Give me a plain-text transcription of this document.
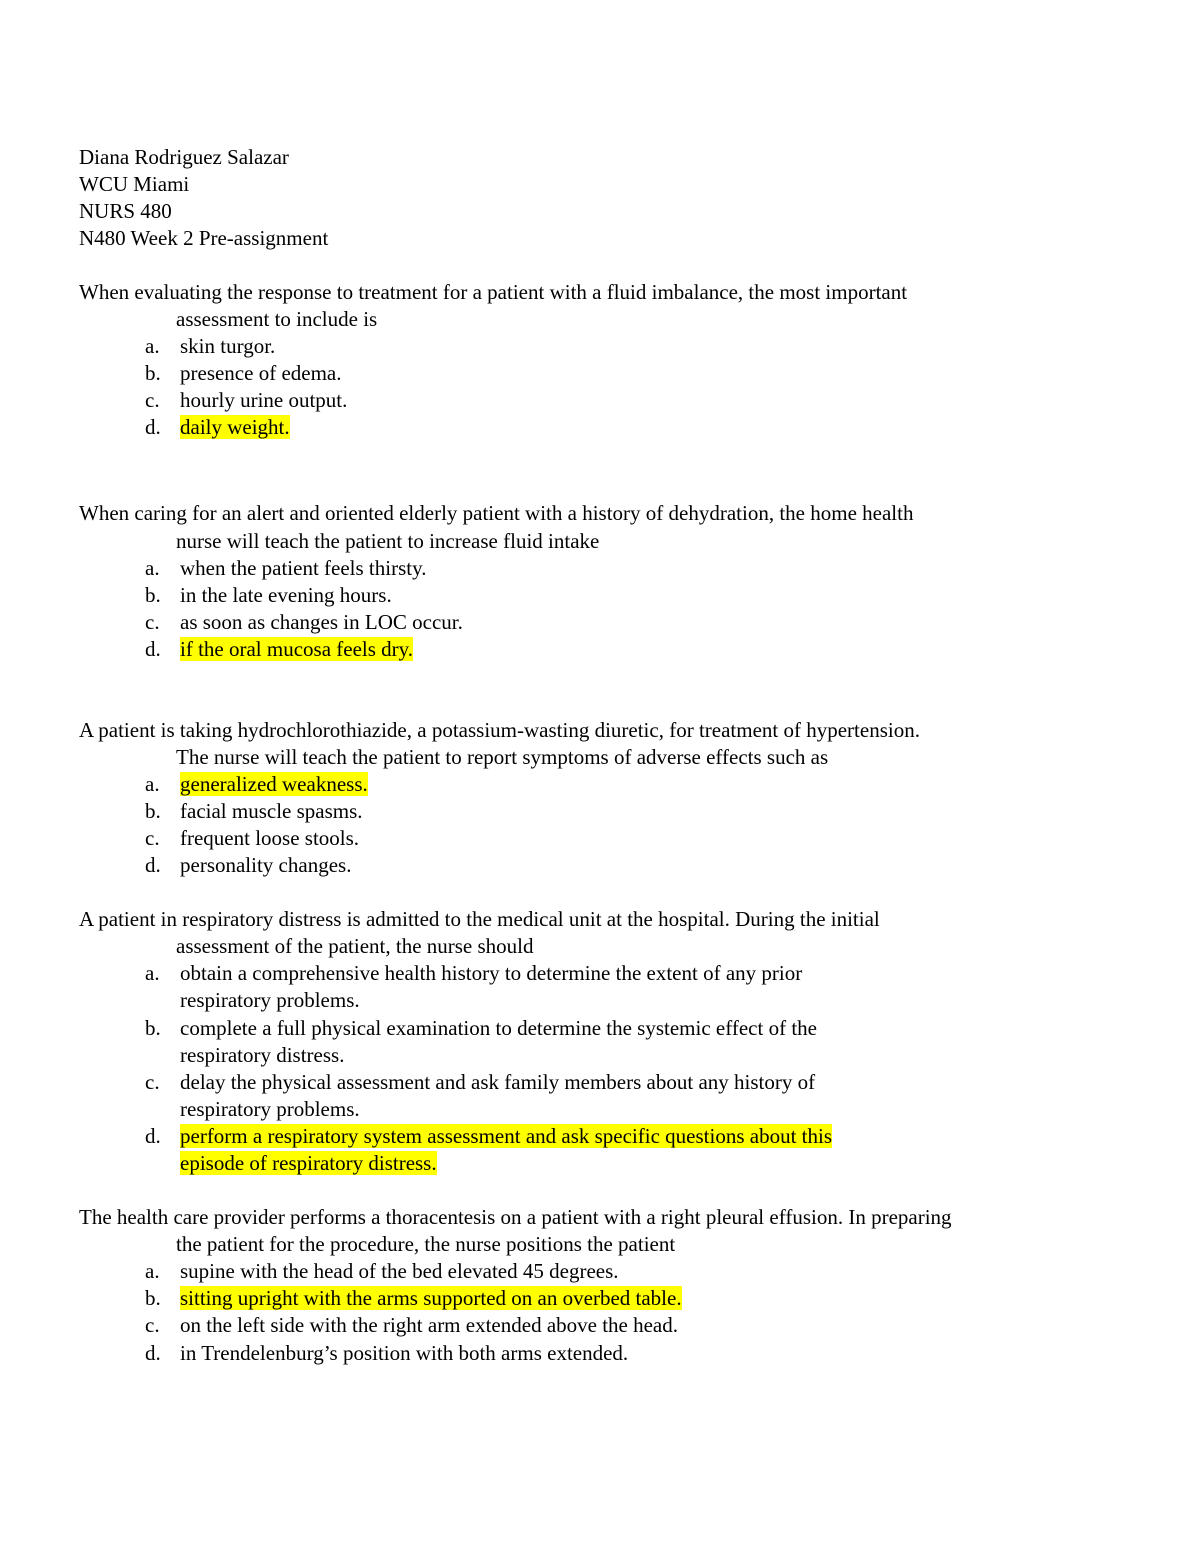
Diana Rodriguez Salazar
WCU Miami
NURS 480
N480 Week 2 Pre-assignment
When evaluating the response to treatment for a patient with a fluid imbalance, the most important
assessment to include is
a. skin turgor.
b. presence of edema.
c. hourly urine output.
d. daily weight.
When caring for an alert and oriented elderly patient with a history of dehydration, the home health
nurse will teach the patient to increase fluid intake
a. when the patient feels thirsty.
b. in the late evening hours.
c. as soon as changes in LOC occur.
d. if the oral mucosa feels dry.
A patient is taking hydrochlorothiazide, a potassium-wasting diuretic, for treatment of hypertension.
The nurse will teach the patient to report symptoms of adverse effects such as
a. generalized weakness.
b. facial muscle spasms.
c. frequent loose stools.
d. personality changes.
A patient in respiratory distress is admitted to the medical unit at the hospital. During the initial
assessment of the patient, the nurse should
a. obtain a comprehensive health history to determine the extent of any prior
respiratory problems.
b. complete a full physical examination to determine the systemic effect of the
respiratory distress.
c. delay the physical assessment and ask family members about any history of
respiratory problems.
d. perform a respiratory system assessment and ask specific questions about this
episode of respiratory distress.
The health care provider performs a thoracentesis on a patient with a right pleural effusion. In preparing
the patient for the procedure, the nurse positions the patient
a. supine with the head of the bed elevated 45 degrees.
b. sitting upright with the arms supported on an overbed table.
c. on the left side with the right arm extended above the head.
d. in Trendelenburg’s position with both arms extended.
